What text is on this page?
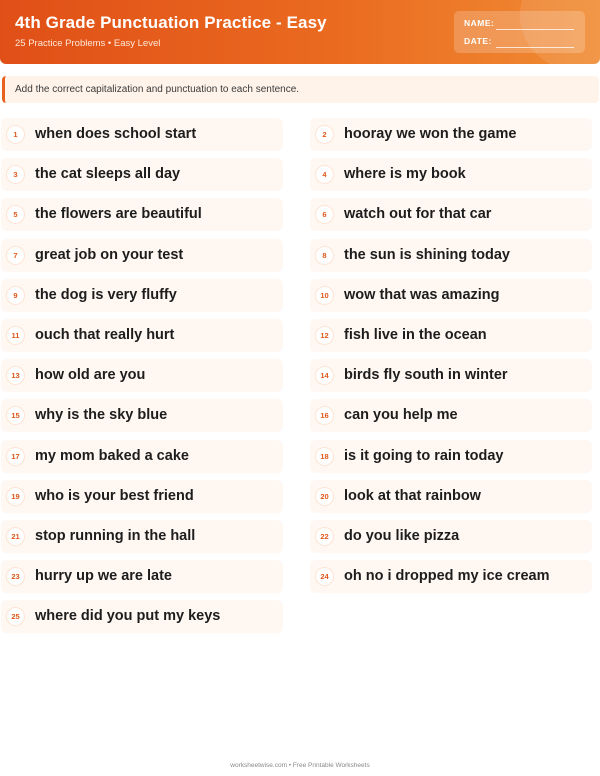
4th Grade Punctuation Practice - Easy
25 Practice Problems • Easy Level
NAME:
DATE:
Add the correct capitalization and punctuation to each sentence.
1	when does school start	2	hooray we won the game
3	the cat sleeps all day	4	where is my book
5	the flowers are beautiful	6	watch out for that car
7	great job on your test	8	the sun is shining today
9	the dog is very fluffy	10 wow that was amazing
11	ouch that really hurt	12 fish live in the ocean
13 how old are you	14 birds fly south in winter
15 why is the sky blue	16 can you help me
17 my mom baked a cake	18 is it going to rain today
19 who is your best friend	20 look at that rainbow
21 stop running in the hall	22 do you like pizza
23 hurry up we are late	24 oh no i dropped my ice cream
25 where did you put my keys
worksheetwise.com • Free Printable Worksheets
